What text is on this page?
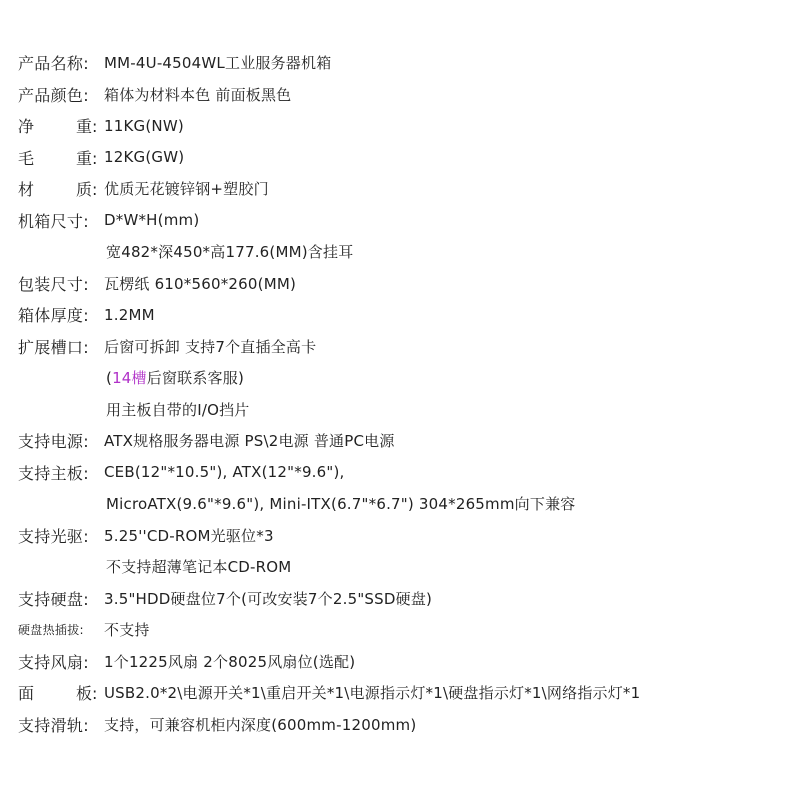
产品名称:	MM-4U-4504WL工业服务器机箱
产品颜色:	箱体为材料本色 前面板黑色
净	重: 11KG(NW)
毛	重: 12KG(GW)
材	质: 优质无花镀锌钢+塑胶门
机箱尺寸:	D*W*H(mm)
宽482*深450*高177.6(MM)含挂耳
包装尺寸:	瓦楞纸 610*560*260(MM)
箱体厚度:	1.2MM
扩展槽口:	后窗可拆卸 支持7个直插全高卡
(14槽后窗联系客服)
用主板自带的I/O挡片
支持电源:	ATX规格服务器电源 PS\2电源 普通PC电源
支持主板:	CEB(12"*10.5"), ATX(12"*9.6"),
MicroATX(9.6"*9.6"), Mini-ITX(6.7"*6.7") 304*265mm向下兼容
支持光驱:	5.25''CD-ROM光驱位*3
不支持超薄笔记本CD-ROM
支持硬盘:	3.5"HDD硬盘位7个(可改安装7个2.5"SSD硬盘)
硬盘热插拔:	不支持
支持风扇:	1个1225风扇 2个8025风扇位(选配)
面	板: USB2.0*2\电源开关*1\重启开关*1\电源指示灯*1\硬盘指示灯*1\网络指示灯*1
支持滑轨:	支持，可兼容机柜内深度(600mm-1200mm)
